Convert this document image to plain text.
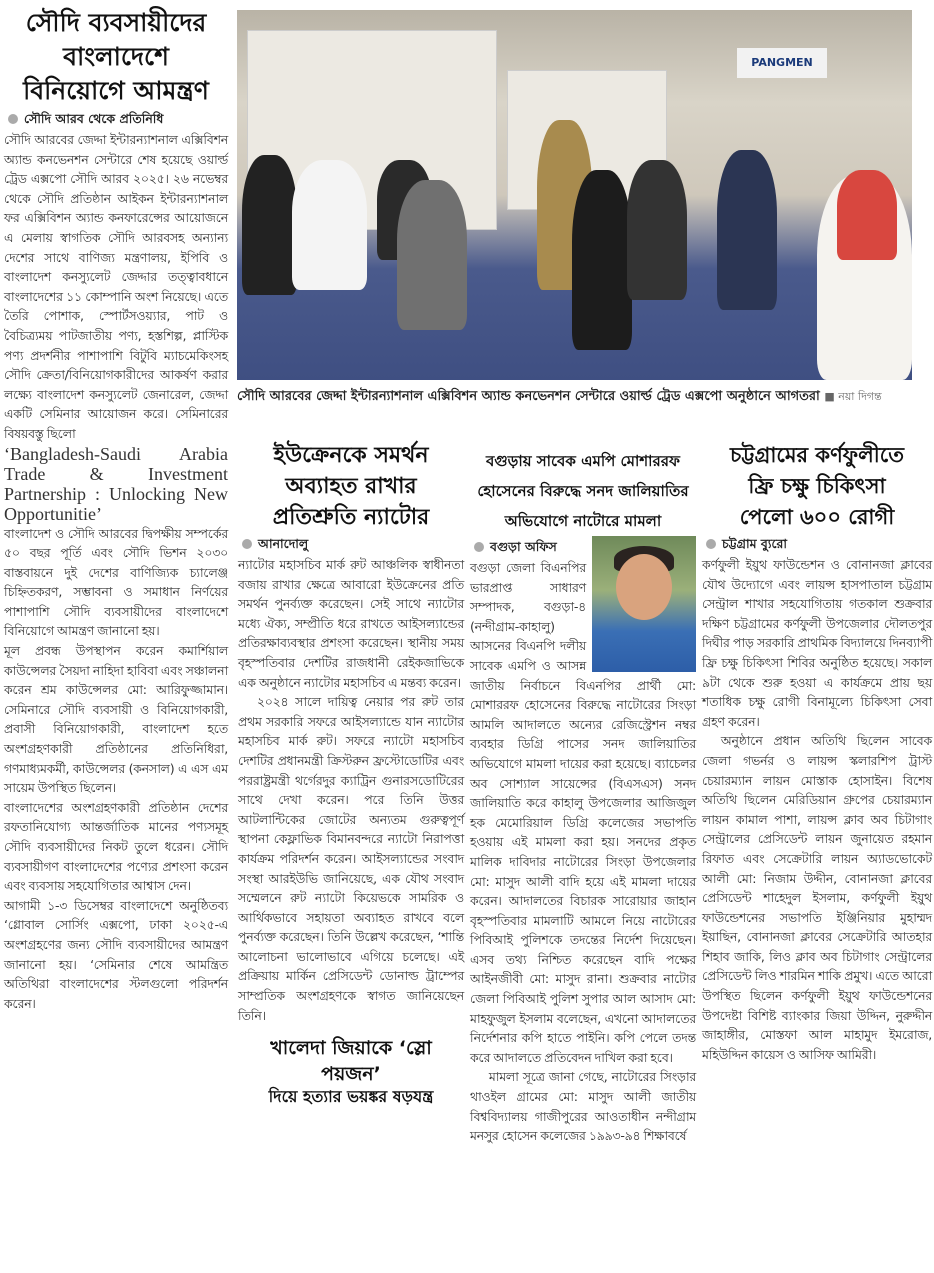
সৌদি ব্যবসায়ীদের
বাংলাদেশে
বিনিয়োগে আমন্ত্রণ
সৌদি আরব থেকে প্রতিনিধি

সৌদি আরবের জেদ্দা ইন্টারন্যাশনাল এক্সিবিশন অ্যান্ড কনভেনশন সেন্টারে শেষ হয়েছে ওয়ার্ল্ড ট্রেড এক্সপো সৌদি আরব ২০২৫। ২৬ নভেম্বর থেকে সৌদি প্রতিষ্ঠান আইকন ইন্টারন্যাশনাল ফর এক্সিবিশন অ্যান্ড কনফারেন্সের আয়োজনে এ মেলায় স্বাগতিক সৌদি আরবসহ অন্যান্য দেশের সাথে বাণিজ্য মন্ত্রণালয়, ইপিবি ও বাংলাদেশ কনস্যুলেট জেদ্দার তত্ত্বাবধানে বাংলাদেশের ১১ কোম্পানি অংশ নিয়েছে। এতে তৈরি পোশাক, স্পোর্টসওয়্যার, পাট ও বৈচিত্র্যময় পাটজাতীয় পণ্য, হস্তশিল্প, প্লাস্টিক পণ্য প্রদর্শনীর পাশাপাশি বিটুবি ম্যাচমেকিংসহ সৌদি ক্রেতা/বিনিয়োগকারীদের আকর্ষণ করার লক্ষ্যে বাংলাদেশ কনস্যুলেট জেনারেল, জেদ্দা একটি সেমিনার আয়োজন করে। সেমিনারের বিষয়বস্তু ছিলো

‘Bangladesh-Saudi Arabia Trade & Investment Partnership : Unlocking New Opportunitie’

বাংলাদেশ ও সৌদি আরবের দ্বিপক্ষীয় সম্পর্কের ৫০ বছর পূর্তি এবং সৌদি ভিশন ২০৩০ বাস্তবায়নে দুই দেশের বাণিজ্যিক চ্যালেঞ্জ চিহ্নিতকরণ, সম্ভাবনা ও সমাধান নির্ণয়ের পাশাপাশি সৌদি ব্যবসায়ীদের বাংলাদেশে বিনিয়োগে আমন্ত্রণ জানানো হয়।

মূল প্রবন্ধ উপস্থাপন করেন কমার্শিয়াল কাউন্সেলর সৈয়দা নাহিদা হাবিবা এবং সঞ্চালনা করেন শ্রম কাউন্সেলর মো: আরিফুজ্জামান। সেমিনারে সৌদি ব্যবসায়ী ও বিনিয়োগকারী, প্রবাসী বিনিয়োগকারী, বাংলাদেশ হতে অংশগ্রহণকারী প্রতিষ্ঠানের প্রতিনিধিরা, গণমাধ্যমকর্মী, কাউন্সেলর (কনসাল) এ এস এম সায়েম উপস্থিত ছিলেন।

বাংলাদেশের অংশগ্রহণকারী প্রতিষ্ঠান দেশের রফতানিযোগ্য আন্তর্জাতিক মানের পণ্যসমূহ সৌদি ব্যবসায়ীদের নিকট তুলে ধরেন। সৌদি ব্যবসায়ীগণ বাংলাদেশের পণ্যের প্রশংসা করেন এবং ব্যবসায় সহযোগিতার আশ্বাস দেন।

আগামী ১-৩ ডিসেম্বর বাংলাদেশে অনুষ্ঠিতব্য ‘গ্লোবাল সোর্সিং এক্সপো, ঢাকা ২০২৫-এ অংশগ্রহণের জন্য সৌদি ব্যবসায়ীদের আমন্ত্রণ জানানো হয়। ‘সেমিনার শেষে আমন্ত্রিত অতিথিরা বাংলাদেশের স্টলগুলো পরিদর্শন করেন।

PANGMEN
সৌদি আরবের জেদ্দা ইন্টারন্যাশনাল এক্সিবিশন অ্যান্ড কনভেনশন সেন্টারে ওয়ার্ল্ড ট্রেড এক্সপো অনুষ্ঠানে আগতরা ■ নয়া দিগন্ত
ইউক্রেনকে সমর্থন
অব্যাহত রাখার
প্রতিশ্রুতি ন্যাটোর
আনাদোলু

ন্যাটোর মহাসচিব মার্ক রুট আঞ্চলিক স্বাধীনতা বজায় রাখার ক্ষেত্রে আবারো ইউক্রেনের প্রতি সমর্থন পুনর্ব্যক্ত করেছেন। সেই সাথে ন্যাটোর মধ্যে ঐক্য, সম্প্রীতি ধরে রাখতে আইসল্যান্ডের প্রতিরক্ষাব্যবস্থার প্রশংসা করেছেন। স্থানীয় সময় বৃহস্পতিবার দেশটির রাজধানী রেইকজাভিকে এক অনুষ্ঠানে ন্যাটোর মহাসচিব এ মন্তব্য করেন।

২০২৪ সালে দায়িত্ব নেয়ার পর রুট তার প্রথম সরকারি সফরে আইসল্যান্ডে যান ন্যাটোর মহাসচিব মার্ক রুট। সফরে ন্যাটো মহাসচিব দেশটির প্রধানমন্ত্রী ক্রিস্টরুন ফ্রস্টোডোটির এবং পররাষ্ট্রমন্ত্রী থর্গেরদুর ক্যাট্রিন গুনারসডোটিরের সাথে দেখা করেন। পরে তিনি উত্তর আটলান্টিকের জোটের অন্যতম গুরুত্বপূর্ণ স্থাপনা কেফ্লাভিক বিমানবন্দরে ন্যাটো নিরাপত্তা কার্যক্রম পরিদর্শন করেন। আইসল্যান্ডের সংবাদ সংস্থা আরইউভি জানিয়েছে, এক যৌথ সংবাদ সম্মেলনে রুট ন্যাটো কিয়েভকে সামরিক ও আর্থিকভাবে সহায়তা অব্যাহত রাখবে বলে পুনর্ব্যক্ত করেছেন। তিনি উল্লেখ করেছেন, ‘শান্তি আলোচনা ভালোভাবে এগিয়ে চলেছে। এই প্রক্রিয়ায় মার্কিন প্রেসিডেন্ট ডোনাল্ড ট্রাম্পের সাম্প্রতিক অংশগ্রহণকে স্বাগত জানিয়েছেন তিনি।

খালেদা জিয়াকে ‘স্লো পয়জন’
দিয়ে হত্যার ভয়ঙ্কর ষড়যন্ত্র
বগুড়ায় সাবেক এমপি মোশাররফ
হোসেনের বিরুদ্ধে সনদ জালিয়াতির
অভিযোগে নাটোরে মামলা
বগুড়া অফিস

বগুড়া জেলা বিএনপির ভারপ্রাপ্ত সাধারণ সম্পাদক, বগুড়া-৪ (নন্দীগ্রাম-কাহালু) আসনের বিএনপি দলীয় সাবেক এমপি ও আসন্ন জাতীয় নির্বাচনে বিএনপির প্রার্থী মো: মোশাররফ হোসেনের বিরুদ্ধে নাটোরের সিংড়া আমলি আদালতে অন্যের রেজিস্ট্রেশন নম্বর ব্যবহার ডিগ্রি পাসের সনদ জালিয়াতির অভিযোগে মামলা দায়ের করা হয়েছে। ব্যাচেলর অব সোশ্যাল সায়েন্সের (বিএসএস) সনদ জালিয়াতি করে কাহালু উপজেলার আজিজুল হক মেমোরিয়াল ডিগ্রি কলেজের সভাপতি হওয়ায় এই মামলা করা হয়। সনদের প্রকৃত মালিক দাবিদার নাটোরের সিংড়া উপজেলার মো: মাসুদ আলী বাদি হয়ে এই মামলা দায়ের করেন। আদালতের বিচারক সারোয়ার জাহান বৃহস্পতিবার মামলাটি আমলে নিয়ে নাটোরের পিবিআই পুলিশকে তদন্তের নির্দেশ দিয়েছেন। এসব তথ্য নিশ্চিত করেছেন বাদি পক্ষের আইনজীবী মো: মাসুদ রানা। শুক্রবার নাটোর জেলা পিবিআই পুলিশ সুপার আল আসাদ মো: মাহফুজুল ইসলাম বলেছেন, এখনো আদালতের নির্দেশনার কপি হাতে পাইনি। কপি পেলে তদন্ত করে আদালতে প্রতিবেদন দাখিল করা হবে।

মামলা সূত্রে জানা গেছে, নাটোরের সিংড়ার থাওইল গ্রামের মো: মাসুদ আলী জাতীয় বিশ্ববিদ্যালয় গাজীপুরের আওতাধীন নন্দীগ্রাম মনসুর হোসেন কলেজের ১৯৯৩-৯৪ শিক্ষাবর্ষে

চট্টগ্রামের কর্ণফুলীতে
ফ্রি চক্ষু চিকিৎসা
পেলো ৬০০ রোগী
চট্টগ্রাম ব্যুরো

কর্ণফুলী ইয়ুথ ফাউন্ডেশন ও বোনানজা ক্লাবের যৌথ উদ্যোগে এবং লায়ন্স হাসপাতাল চট্টগ্রাম সেন্ট্রাল শাখার সহযোগিতায় গতকাল শুক্রবার দক্ষিণ চট্টগ্রামের কর্ণফুলী উপজেলার দৌলতপুর দিঘীর পাড় সরকারি প্রাথমিক বিদ্যালয়ে দিনব্যাপী ফ্রি চক্ষু চিকিৎসা শিবির অনুষ্ঠিত হয়েছে। সকাল ৯টা থেকে শুরু হওয়া এ কার্যক্রমে প্রায় ছয় শতাধিক চক্ষু রোগী বিনামূল্যে চিকিৎসা সেবা গ্রহণ করেন।

অনুষ্ঠানে প্রধান অতিথি ছিলেন সাবেক জেলা গভর্নর ও লায়ন্স স্কলারশিপ ট্রাস্ট চেয়ারম্যান লায়ন মোস্তাক হোসাইন। বিশেষ অতিথি ছিলেন মেরিডিয়ান গ্রুপের চেয়ারম্যান লায়ন কামাল পাশা, লায়ন্স ক্লাব অব চিটাগাং সেন্ট্রালের প্রেসিডেন্ট লায়ন জুনায়েত রহমান রিফাত এবং সেক্রেটারি লায়ন অ্যাডভোকেট আলী মো: নিজাম উদ্দীন, বোনানজা ক্লাবের প্রেসিডেন্ট শাহেদুল ইসলাম, কর্ণফুলী ইয়ুথ ফাউন্ডেশনের সভাপতি ইঞ্জিনিয়ার মুহাম্মদ ইয়াছিন, বোনানজা ক্লাবের সেক্রেটারি আতহার শিহাব জাকি, লিও ক্লাব অব চিটাগাং সেন্ট্রালের প্রেসিডেন্ট লিও শারমিন শাকি প্রমুখ। এতে আরো উপস্থিত ছিলেন কর্ণফুলী ইয়ুথ ফাউন্ডেশনের উপদেষ্টা বিশিষ্ট ব্যাংকার জিয়া উদ্দিন, নুরুদ্দীন জাহাঙ্গীর, মোস্তফা আল মাহামুদ ইমরোজ, মহিউদ্দিন কায়েস ও আসিফ আমিরী।
